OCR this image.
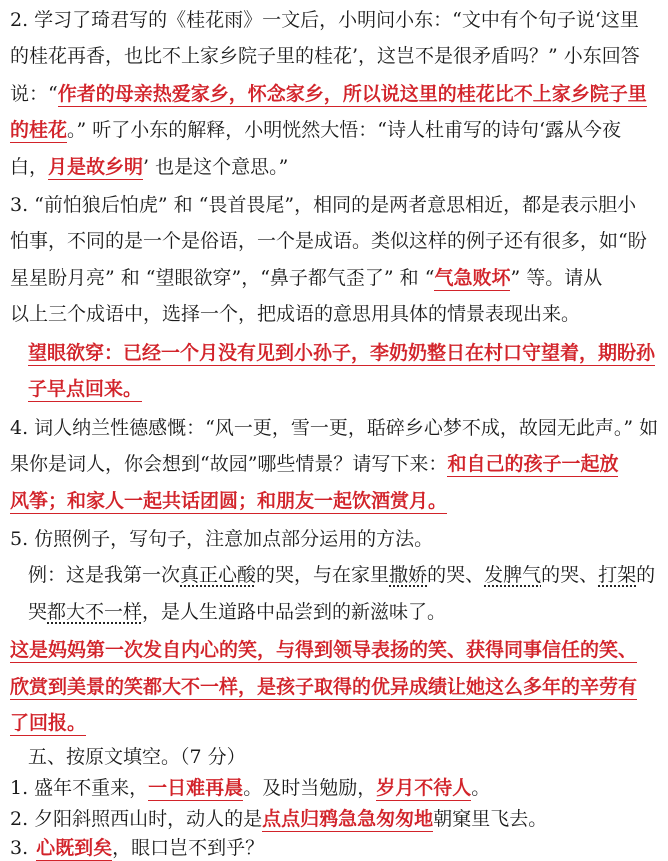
2. 学习了琦君写的《桂花雨》一文后，小明问小东：“文中有个句子说‘这里
的桂花再香，也比不上家乡院子里的桂花’，这岂不是很矛盾吗？” 小东回答
说：“作者的母亲热爱家乡，怀念家乡，所以说这里的桂花比不上家乡院子里
的桂花。” 听了小东的解释，小明恍然大悟：“诗人杜甫写的诗句‘露从今夜
白，月是故乡明’ 也是这个意思。”
3. “前怕狼后怕虎” 和 “畏首畏尾”，相同的是两者意思相近，都是表示胆小
怕事，不同的是一个是俗语，一个是成语。类似这样的例子还有很多，如“盼
星星盼月亮” 和 “望眼欲穿”，“鼻子都气歪了” 和 “气急败坏” 等。请从
以上三个成语中，选择一个，把成语的意思用具体的情景表现出来。
望眼欲穿：已经一个月没有见到小孙子，李奶奶整日在村口守望着，期盼孙
子早点回来。
4. 词人纳兰性德感慨：“风一更，雪一更，聒碎乡心梦不成，故园无此声。” 如
果你是词人，你会想到“故园”哪些情景？请写下来：和自己的孩子一起放
风筝；和家人一起共话团圆；和朋友一起饮酒赏月。
5. 仿照例子，写句子，注意加点部分运用的方法。
例：这是我第一次真正心酸的哭，与在家里撒娇的哭、发脾气的哭、打架的
哭都大不一样，是人生道路中品尝到的新滋味了。
这是妈妈第一次发自内心的笑，与得到领导表扬的笑、获得同事信任的笑、
欣赏到美景的笑都大不一样，是孩子取得的优异成绩让她这么多年的辛劳有
了回报。
五、按原文填空。（7 分）
1. 盛年不重来，一日难再晨。及时当勉励，岁月不待人。
2. 夕阳斜照西山时，动人的是点点归鸦急急匆匆地朝窠里飞去。
3. 心既到矣，眼口岂不到乎？
